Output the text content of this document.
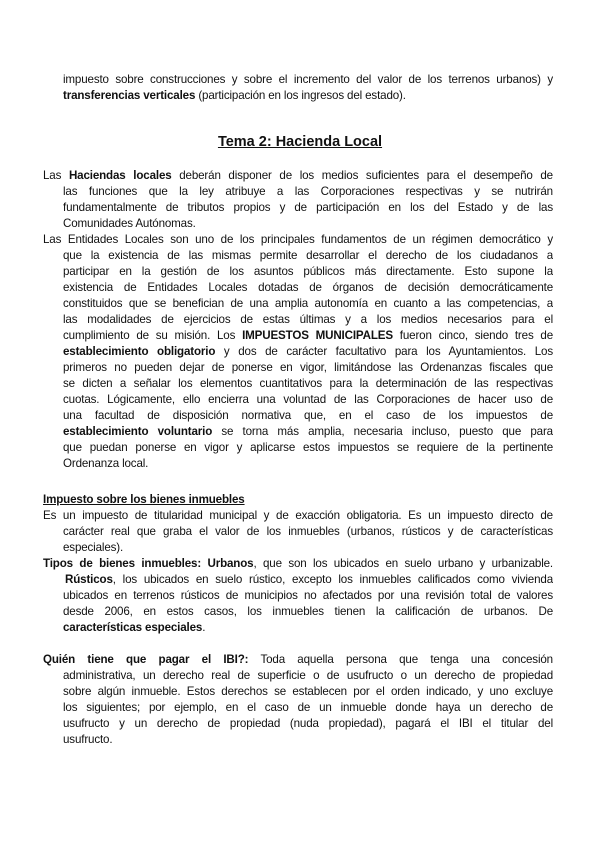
impuesto sobre construcciones y sobre el incremento del valor de los terrenos urbanos) y
transferencias verticales (participación en los ingresos del estado).
Tema 2: Hacienda Local
Las Haciendas locales deberán disponer de los medios suficientes para el desempeño de
las funciones que la ley atribuye a las Corporaciones respectivas y se nutrirán
fundamentalmente de tributos propios y de participación en los del Estado y de las
Comunidades Autónomas.
Las Entidades Locales son uno de los principales fundamentos de un régimen democrático y
que la existencia de las mismas permite desarrollar el derecho de los ciudadanos a
participar en la gestión de los asuntos públicos más directamente. Esto supone la
existencia de Entidades Locales dotadas de órganos de decisión democráticamente
constituidos que se benefician de una amplia autonomía en cuanto a las competencias, a
las modalidades de ejercicios de estas últimas y a los medios necesarios para el
cumplimiento de su misión. Los IMPUESTOS MUNICIPALES fueron cinco, siendo tres de
establecimiento obligatorio y dos de carácter facultativo para los Ayuntamientos. Los
primeros no pueden dejar de ponerse en vigor, limitándose las Ordenanzas fiscales que
se dicten a señalar los elementos cuantitativos para la determinación de las respectivas
cuotas. Lógicamente, ello encierra una voluntad de las Corporaciones de hacer uso de
una facultad de disposición normativa que, en el caso de los impuestos de
establecimiento voluntario se torna más amplia, necesaria incluso, puesto que para
que puedan ponerse en vigor y aplicarse estos impuestos se requiere de la pertinente
Ordenanza local.
Impuesto sobre los bienes inmuebles
Es un impuesto de titularidad municipal y de exacción obligatoria. Es un impuesto directo de
carácter real que graba el valor de los inmuebles (urbanos, rústicos y de características
especiales).
Tipos de bienes inmuebles: Urbanos, que son los ubicados en suelo urbano y urbanizable.
Rústicos, los ubicados en suelo rústico, excepto los inmuebles calificados como vivienda
ubicados en terrenos rústicos de municipios no afectados por una revisión total de valores
desde 2006, en estos casos, los inmuebles tienen la calificación de urbanos. De
características especiales.
Quién tiene que pagar el IBI?: Toda aquella persona que tenga una concesión
administrativa, un derecho real de superficie o de usufructo o un derecho de propiedad
sobre algún inmueble. Estos derechos se establecen por el orden indicado, y uno excluye
los siguientes; por ejemplo, en el caso de un inmueble donde haya un derecho de
usufructo y un derecho de propiedad (nuda propiedad), pagará el IBI el titular del
usufructo.
